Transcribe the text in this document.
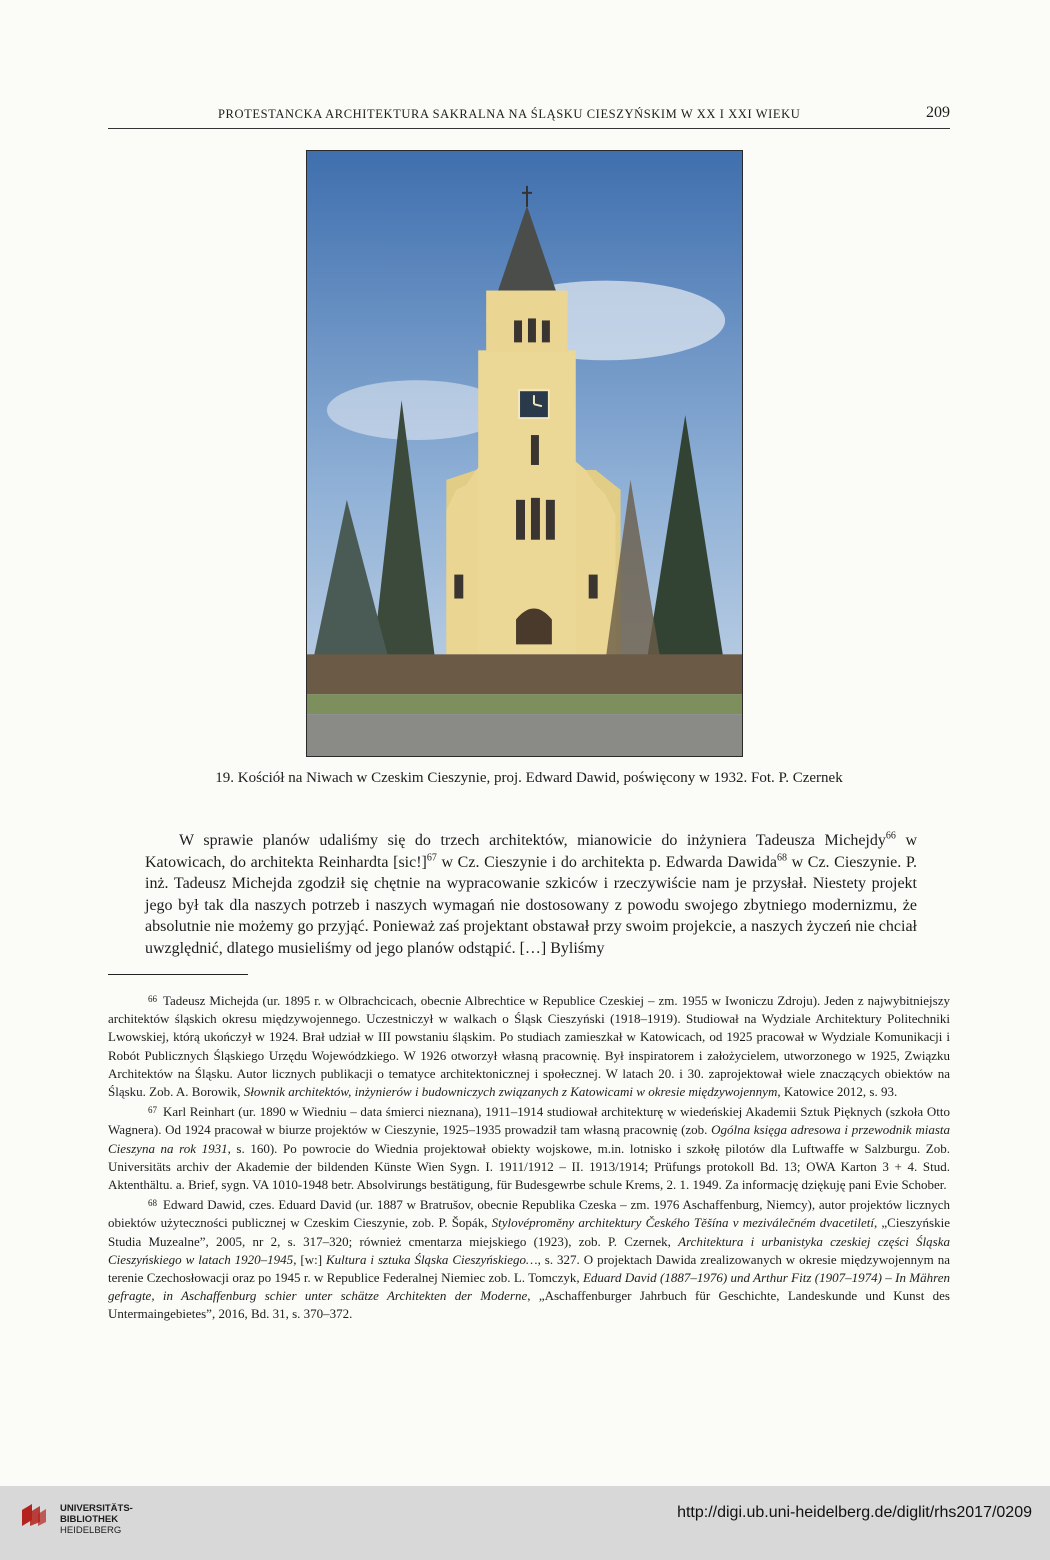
PROTESTANCKA ARCHITEKTURA SAKRALNA NA ŚLĄSKU CIESZYŃSKIM W XX I XXI WIEKU	209
19. Kościół na Niwach w Czeskim Cieszynie, proj. Edward Dawid, poświęcony w 1932. Fot. P. Czernek

W sprawie planów udaliśmy się do trzech architektów, mianowicie do inżyniera Tadeusza Michejdy$^{66}$ w Katowicach, do architekta Reinhardta $[sic!]^{67}$ w Cz. Cieszynie i do architekta p. Edwarda Dawida$^{68}$ w Cz. Cieszynie. P. inż. Tadeusz Michejda zgodził się chętnie na wypracowanie szkiców i rzeczywiście nam je przysłał. Niestety projekt jego był tak dla naszych potrzeb i naszych wymagań nie dostosowany z powodu swojego zbytniego modernizmu, że absolutnie nie możemy go przyjąć. Ponieważ zaś projektant obstawał przy swoim projekcie, a naszych życzeń nie chciał uwzględnić, dlatego musieliśmy od jego planów odstąpić. […] Byliśmy

$^{66}$ Tadeusz Michejda (ur. 1895 r. w Olbrachcicach, obecnie Albrechtice w Republice Czeskiej – zm. 1955 w Iwoniczu Zdroju). Jeden z najwybitniejszy architektów śląskich okresu międzywojennego. Uczestniczył w walkach o Śląsk Cieszyński (1918–1919). Studiował na Wydziale Architektury Politechniki Lwowskiej, którą ukończył w 1924. Brał udział w III powstaniu śląskim. Po studiach zamieszkał w Katowicach, od 1925 pracował w Wydziale Komunikacji i Robót Publicznych Śląskiego Urzędu Wojewódzkiego. W 1926 otworzył własną pracownię. Był inspiratorem i założycielem, utworzonego w 1925, Związku Architektów na Śląsku. Autor licznych publikacji o tematyce architektonicznej i społecznej. W latach 20. i 30. zaprojektował wiele znaczących obiektów na Śląsku. Zob. A. Borowik, Słownik architektów, inżynierów i budowniczych związanych z Katowicami w okresie międzywojennym, Katowice 2012, s. 93.

$^{67}$ Karl Reinhart (ur. 1890 w Wiedniu – data śmierci nieznana), 1911–1914 studiował architekturę w wiedeńskiej Akademii Sztuk Pięknych (szkoła Otto Wagnera). Od 1924 pracował w biurze projektów w Cieszynie, 1925–1935 prowadził tam własną pracownię (zob. Ogólna księga adresowa i przewodnik miasta Cieszyna na rok 1931, s. 160). Po powrocie do Wiednia projektował obiekty wojskowe, m.in. lotnisko i szkołę pilotów dla Luftwaffe w Salzburgu. Zob. Universitäts archiv der Akademie der bildenden Künste Wien Sygn. I. 1911/1912 – II. 1913/1914; Prüfungs protokoll Bd. 13; OWA Karton 3 + 4. Stud. Aktenthältu. a. Brief, sygn. VA 1010-1948 betr. Absolvirungs bestätigung, für Budesgewrbe schule Krems, 2. 1. 1949. Za informację dziękuję pani Evie Schober.

$^{68}$ Edward Dawid, czes. Eduard David (ur. 1887 w Bratrušov, obecnie Republika Czeska – zm. 1976 Aschaffenburg, Niemcy), autor projektów licznych obiektów użyteczności publicznej w Czeskim Cieszynie, zob. P. Šopák, Stylovéproměny architektury Českého Těšína v meziválečném dvacetiletí, „Cieszyńskie Studia Muzealne”, 2005, nr 2, s. 317–320; również cmentarza miejskiego (1923), zob. P. Czernek, Architektura i urbanistyka czeskiej części Śląska Cieszyńskiego w latach 1920–1945, [w:] Kultura i sztuka Śląska Cieszyńskiego…, s. 327. O projektach Dawida zrealizowanych w okresie międzywojennym na terenie Czechosłowacji oraz po 1945 r. w Republice Federalnej Niemiec zob. L. Tomczyk, Eduard David (1887–1976) und Arthur Fitz (1907–1974) – In Mähren gefragte, in Aschaffenburg schier unter schätze Architekten der Moderne, „Aschaffenburger Jahrbuch für Geschichte, Landeskunde und Kunst des Untermaingebietes”, 2016, Bd. 31, s. 370–372.

UNIVERSITÄTS-
BIBLIOTHEK
HEIDELBERG
http://digi.ub.uni-heidelberg.de/diglit/rhs2017/0209
